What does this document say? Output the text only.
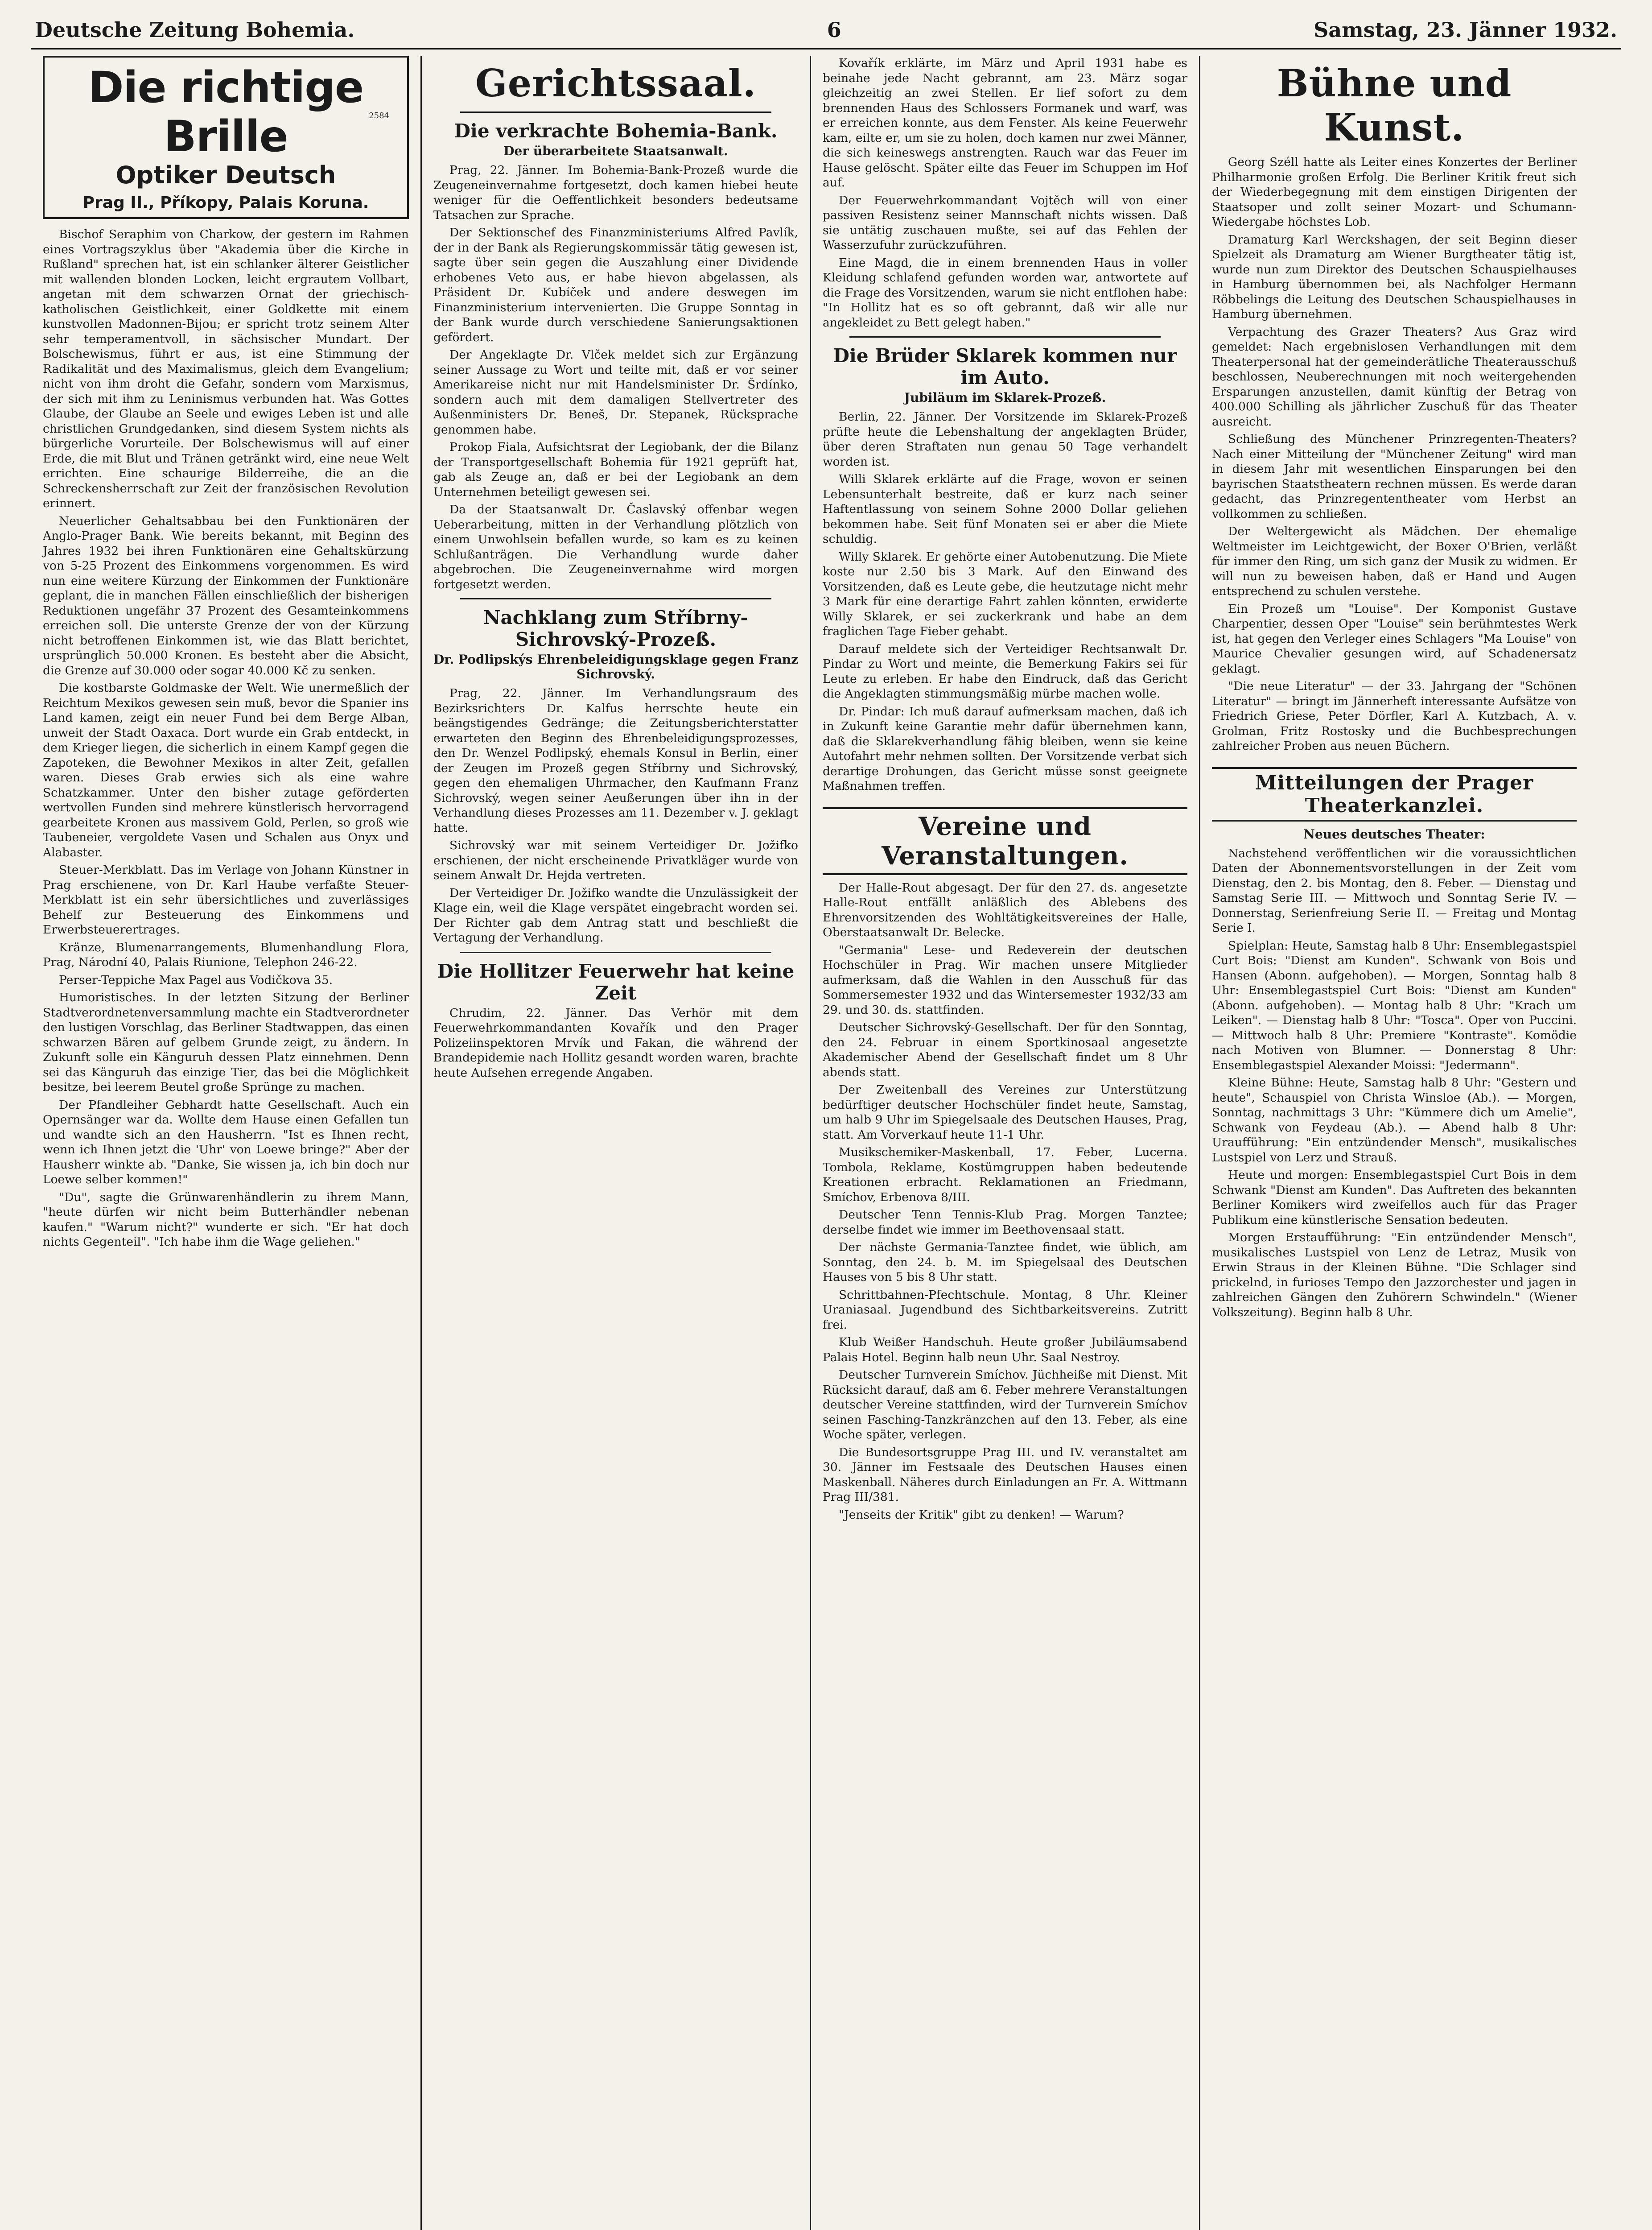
Deutsche Zeitung Bohemia.	6	Samstag, 23. Jänner 1932.
Die richtige Brille
Optiker Deutsch
Prag II., Příkopy, Palais Koruna.
2584

Bischof Seraphim von Charkow, der gestern im Rahmen eines Vortragszyklus über "Akademia über die Kirche in Rußland" sprechen hat, ist ein schlanker älterer Geistlicher mit wallenden blonden Locken, leicht ergrautem Vollbart, angetan mit dem schwarzen Ornat der griechisch-katholischen Geistlichkeit, einer Goldkette mit einem kunstvollen Madonnen-Bijou; er spricht trotz seinem Alter sehr temperamentvoll, in sächsischer Mundart. Der Bolschewismus, führt er aus, ist eine Stimmung der Radikalität und des Maximalismus, gleich dem Evangelium; nicht von ihm droht die Gefahr, sondern vom Marxismus, der sich mit ihm zu Leninismus verbunden hat. Was Gottes Glaube, der Glaube an Seele und ewiges Leben ist und alle christlichen Grundgedanken, sind diesem System nichts als bürgerliche Vorurteile. Der Bolschewismus will auf einer Erde, die mit Blut und Tränen getränkt wird, eine neue Welt errichten. Eine schaurige Bilderreihe, die an die Schreckensherrschaft zur Zeit der französischen Revolution erinnert.

Neuerlicher Gehaltsabbau bei den Funktionären der Anglo-Prager Bank. Wie bereits bekannt, mit Beginn des Jahres 1932 bei ihren Funktionären eine Gehaltskürzung von 5-25 Prozent des Einkommens vorgenommen. Es wird nun eine weitere Kürzung der Einkommen der Funktionäre geplant, die in manchen Fällen einschließlich der bisherigen Reduktionen ungefähr 37 Prozent des Gesamteinkommens erreichen soll. Die unterste Grenze der von der Kürzung nicht betroffenen Einkommen ist, wie das Blatt berichtet, ursprünglich 50.000 Kronen. Es besteht aber die Absicht, die Grenze auf 30.000 oder sogar 40.000 Kč zu senken.

Die kostbarste Goldmaske der Welt. Wie unermeßlich der Reichtum Mexikos gewesen sein muß, bevor die Spanier ins Land kamen, zeigt ein neuer Fund bei dem Berge Alban, unweit der Stadt Oaxaca. Dort wurde ein Grab entdeckt, in dem Krieger liegen, die sicherlich in einem Kampf gegen die Zapoteken, die Bewohner Mexikos in alter Zeit, gefallen waren. Dieses Grab erwies sich als eine wahre Schatzkammer. Unter den bisher zutage geförderten wertvollen Funden sind mehrere künstlerisch hervorragend gearbeitete Kronen aus massivem Gold, Perlen, so groß wie Taubeneier, vergoldete Vasen und Schalen aus Onyx und Alabaster.

Steuer-Merkblatt. Das im Verlage von Johann Künstner in Prag erschienene, von Dr. Karl Haube verfaßte Steuer-Merkblatt ist ein sehr übersichtliches und zuverlässiges Behelf zur Besteuerung des Einkommens und Erwerbsteuerertrages.

Kränze, Blumenarrangements, Blumenhandlung Flora, Prag, Národní 40, Palais Riunione, Telephon 246-22.

Perser-Teppiche Max Pagel aus Vodičkova 35.

Humoristisches. In der letzten Sitzung der Berliner Stadtverordnetenversammlung machte ein Stadtverordneter den lustigen Vorschlag, das Berliner Stadtwappen, das einen schwarzen Bären auf gelbem Grunde zeigt, zu ändern. In Zukunft solle ein Känguruh dessen Platz einnehmen. Denn sei das Känguruh das einzige Tier, das bei die Möglichkeit besitze, bei leerem Beutel große Sprünge zu machen.

Der Pfandleiher Gebhardt hatte Gesellschaft. Auch ein Opernsänger war da. Wollte dem Hause einen Gefallen tun und wandte sich an den Hausherrn. "Ist es Ihnen recht, wenn ich Ihnen jetzt die 'Uhr' von Loewe bringe?" Aber der Hausherr winkte ab. "Danke, Sie wissen ja, ich bin doch nur Loewe selber kommen!"

"Du", sagte die Grünwarenhändlerin zu ihrem Mann, "heute dürfen wir nicht beim Butterhändler nebenan kaufen." "Warum nicht?" wunderte er sich. "Er hat doch nichts Gegenteil". "Ich habe ihm die Wage geliehen."

Gerichtssaal.
Die verkrachte Bohemia-Bank.
Der überarbeitete Staatsanwalt.

Prag, 22. Jänner. Im Bohemia-Bank-Prozeß wurde die Zeugeneinvernahme fortgesetzt, doch kamen hiebei heute weniger für die Oeffentlichkeit besonders bedeutsame Tatsachen zur Sprache.

Der Sektionschef des Finanzministeriums Alfred Pavlík, der in der Bank als Regierungskommissär tätig gewesen ist, sagte über sein gegen die Auszahlung einer Dividende erhobenes Veto aus, er habe hievon abgelassen, als Präsident Dr. Kubíček und andere deswegen im Finanzministerium intervenierten. Die Gruppe Sonntag in der Bank wurde durch verschiedene Sanierungsaktionen gefördert.

Der Angeklagte Dr. Vlček meldet sich zur Ergänzung seiner Aussage zu Wort und teilte mit, daß er vor seiner Amerikareise nicht nur mit Handelsminister Dr. Šrdínko, sondern auch mit dem damaligen Stellvertreter des Außenministers Dr. Beneš, Dr. Stepanek, Rücksprache genommen habe.

Prokop Fiala, Aufsichtsrat der Legiobank, der die Bilanz der Transportgesellschaft Bohemia für 1921 geprüft hat, gab als Zeuge an, daß er bei der Legiobank an dem Unternehmen beteiligt gewesen sei.

Da der Staatsanwalt Dr. Časlavský offenbar wegen Ueberarbeitung, mitten in der Verhandlung plötzlich von einem Unwohlsein befallen wurde, so kam es zu keinen Schlußanträgen. Die Verhandlung wurde daher abgebrochen. Die Zeugeneinvernahme wird morgen fortgesetzt werden.

Nachklang zum Stříbrny-Sichrovský-Prozeß.
Dr. Podlipskýs Ehrenbeleidigungsklage gegen Franz Sichrovský.

Prag, 22. Jänner. Im Verhandlungsraum des Bezirksrichters Dr. Kalfus herrschte heute ein beängstigendes Gedränge; die Zeitungsberichterstatter erwarteten den Beginn des Ehrenbeleidigungsprozesses, den Dr. Wenzel Podlipský, ehemals Konsul in Berlin, einer der Zeugen im Prozeß gegen Stříbrny und Sichrovský, gegen den ehemaligen Uhrmacher, den Kaufmann Franz Sichrovský, wegen seiner Aeußerungen über ihn in der Verhandlung dieses Prozesses am 11. Dezember v. J. geklagt hatte.

Sichrovský war mit seinem Verteidiger Dr. Jožifko erschienen, der nicht erscheinende Privatkläger wurde von seinem Anwalt Dr. Hejda vertreten.

Der Verteidiger Dr. Jožifko wandte die Unzulässigkeit der Klage ein, weil die Klage verspätet eingebracht worden sei. Der Richter gab dem Antrag statt und beschließt die Vertagung der Verhandlung.

Die Hollitzer Feuerwehr hat keine Zeit

Chrudim, 22. Jänner. Das Verhör mit dem Feuerwehrkommandanten Kovařík und den Prager Polizeiinspektoren Mrvík und Fakan, die während der Brandepidemie nach Hollitz gesandt worden waren, brachte heute Aufsehen erregende Angaben.

Kovařík erklärte, im März und April 1931 habe es beinahe jede Nacht gebrannt, am 23. März sogar gleichzeitig an zwei Stellen. Er lief sofort zu dem brennenden Haus des Schlossers Formanek und warf, was er erreichen konnte, aus dem Fenster. Als keine Feuerwehr kam, eilte er, um sie zu holen, doch kamen nur zwei Männer, die sich keineswegs anstrengten. Rauch war das Feuer im Hause gelöscht. Später eilte das Feuer im Schuppen im Hof auf.

Der Feuerwehrkommandant Vojtěch will von einer passiven Resistenz seiner Mannschaft nichts wissen. Daß sie untätig zuschauen mußte, sei auf das Fehlen der Wasserzufuhr zurückzuführen.

Eine Magd, die in einem brennenden Haus in voller Kleidung schlafend gefunden worden war, antwortete auf die Frage des Vorsitzenden, warum sie nicht entflohen habe: "In Hollitz hat es so oft gebrannt, daß wir alle nur angekleidet zu Bett gelegt haben."

Die Brüder Sklarek kommen nur im Auto.
Jubiläum im Sklarek-Prozeß.

Berlin, 22. Jänner. Der Vorsitzende im Sklarek-Prozeß prüfte heute die Lebenshaltung der angeklagten Brüder, über deren Straftaten nun genau 50 Tage verhandelt worden ist.

Willi Sklarek erklärte auf die Frage, wovon er seinen Lebensunterhalt bestreite, daß er kurz nach seiner Haftentlassung von seinem Sohne 2000 Dollar geliehen bekommen habe. Seit fünf Monaten sei er aber die Miete schuldig.

Willy Sklarek. Er gehörte einer Autobenutzung. Die Miete koste nur 2.50 bis 3 Mark. Auf den Einwand des Vorsitzenden, daß es Leute gebe, die heutzutage nicht mehr 3 Mark für eine derartige Fahrt zahlen könnten, erwiderte Willy Sklarek, er sei zuckerkrank und habe an dem fraglichen Tage Fieber gehabt.

Darauf meldete sich der Verteidiger Rechtsanwalt Dr. Pindar zu Wort und meinte, die Bemerkung Fakirs sei für Leute zu erleben. Er habe den Eindruck, daß das Gericht die Angeklagten stimmungsmäßig mürbe machen wolle.

Dr. Pindar: Ich muß darauf aufmerksam machen, daß ich in Zukunft keine Garantie mehr dafür übernehmen kann, daß die Sklarekverhandlung fähig bleiben, wenn sie keine Autofahrt mehr nehmen sollten. Der Vorsitzende verbat sich derartige Drohungen, das Gericht müsse sonst geeignete Maßnahmen treffen.

Vereine und Veranstaltungen.

Der Halle-Rout abgesagt. Der für den 27. ds. angesetzte Halle-Rout entfällt anläßlich des Ablebens des Ehrenvorsitzenden des Wohltätigkeitsvereines der Halle, Oberstaatsanwalt Dr. Belecke.

"Germania" Lese- und Redeverein der deutschen Hochschüler in Prag. Wir machen unsere Mitglieder aufmerksam, daß die Wahlen in den Ausschuß für das Sommersemester 1932 und das Wintersemester 1932/33 am 29. und 30. ds. stattfinden.

Deutscher Sichrovský-Gesellschaft. Der für den Sonntag, den 24. Februar in einem Sportkinosaal angesetzte Akademischer Abend der Gesellschaft findet um 8 Uhr abends statt.

Der Zweitenball des Vereines zur Unterstützung bedürftiger deutscher Hochschüler findet heute, Samstag, um halb 9 Uhr im Spiegelsaale des Deutschen Hauses, Prag, statt. Am Vorverkauf heute 11-1 Uhr.

Musikschemiker-Maskenball, 17. Feber, Lucerna. Tombola, Reklame, Kostümgruppen haben bedeutende Kreationen erbracht. Reklamationen an Friedmann, Smíchov, Erbenova 8/III.

Deutscher Tenn Tennis-Klub Prag. Morgen Tanztee; derselbe findet wie immer im Beethovensaal statt.

Der nächste Germania-Tanztee findet, wie üblich, am Sonntag, den 24. b. M. im Spiegelsaal des Deutschen Hauses von 5 bis 8 Uhr statt.

Schrittbahnen-Pfechtschule. Montag, 8 Uhr. Kleiner Uraniasaal. Jugendbund des Sichtbarkeitsvereins. Zutritt frei.

Klub Weißer Handschuh. Heute großer Jubiläumsabend Palais Hotel. Beginn halb neun Uhr. Saal Nestroy.

Deutscher Turnverein Smíchov. Jüchheiße mit Dienst. Mit Rücksicht darauf, daß am 6. Feber mehrere Veranstaltungen deutscher Vereine stattfinden, wird der Turnverein Smíchov seinen Fasching-Tanzkränzchen auf den 13. Feber, als eine Woche später, verlegen.

Die Bundesortsgruppe Prag III. und IV. veranstaltet am 30. Jänner im Festsaale des Deutschen Hauses einen Maskenball. Näheres durch Einladungen an Fr. A. Wittmann Prag III/381.

"Jenseits der Kritik" gibt zu denken! — Warum?

Bühne und Kunst.

Georg Széll hatte als Leiter eines Konzertes der Berliner Philharmonie großen Erfolg. Die Berliner Kritik freut sich der Wiederbegegnung mit dem einstigen Dirigenten der Staatsoper und zollt seiner Mozart- und Schumann-Wiedergabe höchstes Lob.

Dramaturg Karl Werckshagen, der seit Beginn dieser Spielzeit als Dramaturg am Wiener Burgtheater tätig ist, wurde nun zum Direktor des Deutschen Schauspielhauses in Hamburg übernommen bei, als Nachfolger Hermann Röbbelings die Leitung des Deutschen Schauspielhauses in Hamburg übernehmen.

Verpachtung des Grazer Theaters? Aus Graz wird gemeldet: Nach ergebnislosen Verhandlungen mit dem Theaterpersonal hat der gemeinderätliche Theaterausschuß beschlossen, Neuberechnungen mit noch weitergehenden Ersparungen anzustellen, damit künftig der Betrag von 400.000 Schilling als jährlicher Zuschuß für das Theater ausreicht.

Schließung des Münchener Prinzregenten-Theaters? Nach einer Mitteilung der "Münchener Zeitung" wird man in diesem Jahr mit wesentlichen Einsparungen bei den bayrischen Staatstheatern rechnen müssen. Es werde daran gedacht, das Prinzregententheater vom Herbst an vollkommen zu schließen.

Der Weltergewicht als Mädchen. Der ehemalige Weltmeister im Leichtgewicht, der Boxer O'Brien, verläßt für immer den Ring, um sich ganz der Musik zu widmen. Er will nun zu beweisen haben, daß er Hand und Augen entsprechend zu schulen verstehe.

Ein Prozeß um "Louise". Der Komponist Gustave Charpentier, dessen Oper "Louise" sein berühmtestes Werk ist, hat gegen den Verleger eines Schlagers "Ma Louise" von Maurice Chevalier gesungen wird, auf Schadenersatz geklagt.

"Die neue Literatur" — der 33. Jahrgang der "Schönen Literatur" — bringt im Jännerheft interessante Aufsätze von Friedrich Griese, Peter Dörfler, Karl A. Kutzbach, A. v. Grolman, Fritz Rostosky und die Buchbesprechungen zahlreicher Proben aus neuen Büchern.

Mitteilungen der Prager Theaterkanzlei.
Neues deutsches Theater:

Nachstehend veröffentlichen wir die voraussichtlichen Daten der Abonnementsvorstellungen in der Zeit vom Dienstag, den 2. bis Montag, den 8. Feber. — Dienstag und Samstag Serie III. — Mittwoch und Sonntag Serie IV. — Donnerstag, Serienfreiung Serie II. — Freitag und Montag Serie I.

Spielplan: Heute, Samstag halb 8 Uhr: Ensemblegastspiel Curt Bois: "Dienst am Kunden". Schwank von Bois und Hansen (Abonn. aufgehoben). — Morgen, Sonntag halb 8 Uhr: Ensemblegastspiel Curt Bois: "Dienst am Kunden" (Abonn. aufgehoben). — Montag halb 8 Uhr: "Krach um Leiken". — Dienstag halb 8 Uhr: "Tosca". Oper von Puccini. — Mittwoch halb 8 Uhr: Premiere "Kontraste". Komödie nach Motiven von Blumner. — Donnerstag 8 Uhr: Ensemblegastspiel Alexander Moissi: "Jedermann".

Kleine Bühne: Heute, Samstag halb 8 Uhr: "Gestern und heute", Schauspiel von Christa Winsloe (Ab.). — Morgen, Sonntag, nachmittags 3 Uhr: "Kümmere dich um Amelie", Schwank von Feydeau (Ab.). — Abend halb 8 Uhr: Uraufführung: "Ein entzündender Mensch", musikalisches Lustspiel von Lerz und Strauß.

Heute und morgen: Ensemblegastspiel Curt Bois in dem Schwank "Dienst am Kunden". Das Auftreten des bekannten Berliner Komikers wird zweifellos auch für das Prager Publikum eine künstlerische Sensation bedeuten.

Morgen Erstaufführung: "Ein entzündender Mensch", musikalisches Lustspiel von Lenz de Letraz, Musik von Erwin Straus in der Kleinen Bühne. "Die Schlager sind prickelnd, in furioses Tempo den Jazzorchester und jagen in zahlreichen Gängen den Zuhörern Schwindeln." (Wiener Volkszeitung). Beginn halb 8 Uhr.
